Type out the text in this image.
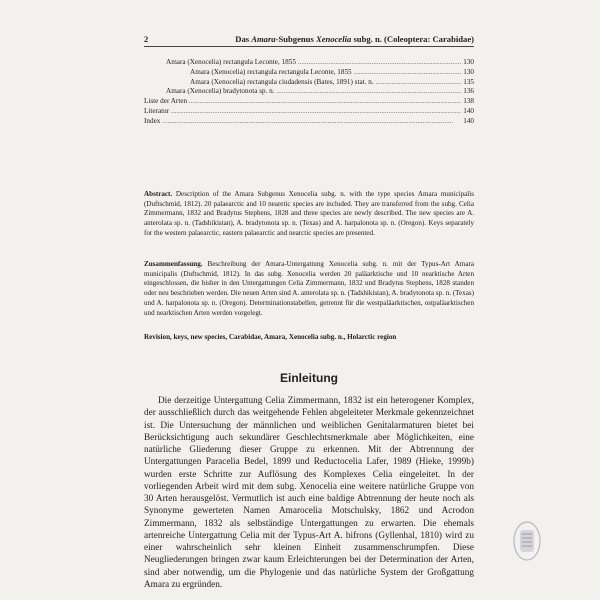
2	Das Amara-Subgenus Xenocelia subg. n. (Coleoptera: Carabidae)
Amara (Xenocelia) rectangula Leconte, 1855 .....	130
Amara (Xenocelia) rectangula rectangula Leconte, 1855 .....	130
Amara (Xenocelia) rectangula ciudadensis (Bates, 1891) stat. n. .....	135
Amara (Xenocelia) bradytonota sp. n. .....	136
Liste der Arten .....	138
Literatur .....	140
Index .....	140
Abstract. Description of the Amara Subgenus Xenocelia subg. n. with the type species Amara municipalis (Duftschmid, 1812). 20 palaearctic and 10 nearetic species are included. They are transferred from the subg. Celia Zimmermann, 1832 and Bradytus Stephens, 1828 and three species are newly described. The new species are A. anterolata sp. n. (Tadshikistan), A. bradytonota sp. n. (Texas) and A. harpalonota sp. n. (Oregon). Keys separately for the western palaearctic, eastern palaearctic and nearctic species are presented.
Zusammenfassung. Beschreibung der Amara-Untergattung Xenocelia subg. n. mit der Typus-Art Amara municipalis (Duftschmid, 1812). In das subg. Xenocelia werden 20 paläarktische und 10 nearktische Arten eingeschlossen, die bisher in den Untergattungen Celia Zimmermann, 1832 und Bradytus Stephens, 1828 standen oder neu beschrieben werden. Die neuen Arten sind A. anterolata sp. n. (Tadshikistan), A. bradytonota sp. n. (Texas) und A. harpalonota sp. n. (Oregon). Determinationstabellen, getrennt für die westpaläarktischen, ostpaläarktischen und nearktischen Arten werden vorgelegt.
Revision, keys, new species, Carabidae, Amara, Xenocelia subg. n., Holarctic region
Einleitung
Die derzeitige Untergattung Celia Zimmermann, 1832 ist ein heterogener Komplex, der ausschließlich durch das weitgehende Fehlen abgeleiteter Merkmale gekennzeichnet ist. Die Untersuchung der männlichen und weiblichen Genitalarmaturen bietet bei Berücksichtigung auch sekundärer Geschlechtsmerkmale aber Möglichkeiten, eine natürliche Gliederung dieser Gruppe zu erkennen. Mit der Abtrennung der Untergattungen Paracelia Bedel, 1899 und Reductocelia Lafer, 1989 (Hieke, 1999b) wurden erste Schritte zur Auflösung des Komplexes Celia eingeleitet. In der vorliegenden Arbeit wird mit dem subg. Xenocelia eine weitere natürliche Gruppe von 30 Arten herausgelöst. Vermutlich ist auch eine baldige Abtrennung der heute noch als Synonyme gewerteten Namen Amarocelia Motschulsky, 1862 und Acrodon Zimmermann, 1832 als selbständige Untergattungen zu erwarten. Die ehemals artenreiche Untergattung Celia mit der Typus-Art A. bifrons (Gyllenhal, 1810) wird zu einer wahrscheinlich sehr kleinen Einheit zusammenschrumpfen. Diese Neugliederungen bringen zwar kaum Erleichterungen bei der Determination der Arten, sind aber notwendig, um die Phylogenie und das natürliche System der Großgattung Amara zu ergründen.
